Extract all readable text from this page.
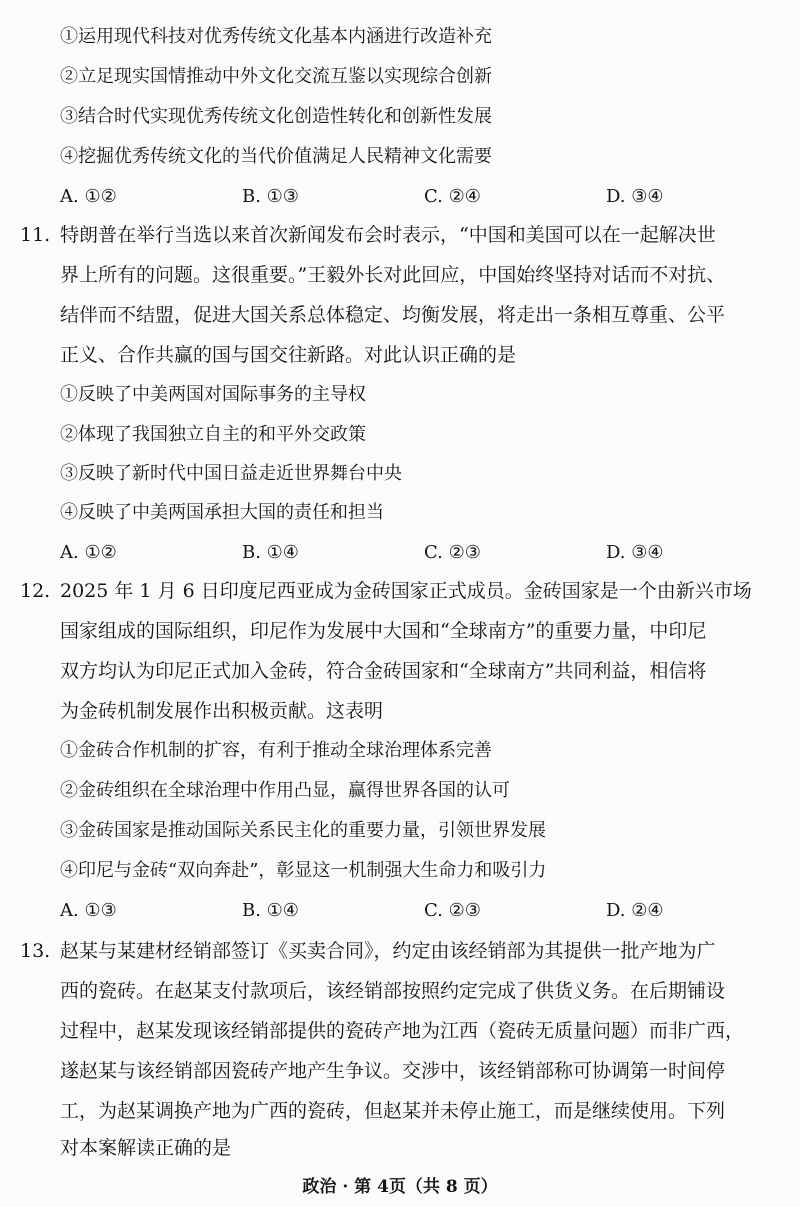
①运用现代科技对优秀传统文化基本内涵进行改造补充
②立足现实国情推动中外文化交流互鉴以实现综合创新
③结合时代实现优秀传统文化创造性转化和创新性发展
④挖掘优秀传统文化的当代价值满足人民精神文化需要
A. ①②	B. ①③	C. ②④	D. ③④
11. 特朗普在举行当选以来首次新闻发布会时表示，“中国和美国可以在一起解决世
界上所有的问题。这很重要。”王毅外长对此回应，中国始终坚持对话而不对抗、
结伴而不结盟，促进大国关系总体稳定、均衡发展，将走出一条相互尊重、公平
正义、合作共赢的国与国交往新路。对此认识正确的是
①反映了中美两国对国际事务的主导权
②体现了我国独立自主的和平外交政策
③反映了新时代中国日益走近世界舞台中央
④反映了中美两国承担大国的责任和担当
A. ①②	B. ①④	C. ②③	D. ③④
12. 2025 年 1 月 6 日印度尼西亚成为金砖国家正式成员。金砖国家是一个由新兴市场
国家组成的国际组织，印尼作为发展中大国和“全球南方”的重要力量，中印尼
双方均认为印尼正式加入金砖，符合金砖国家和“全球南方”共同利益，相信将
为金砖机制发展作出积极贡献。这表明
①金砖合作机制的扩容，有利于推动全球治理体系完善
②金砖组织在全球治理中作用凸显，赢得世界各国的认可
③金砖国家是推动国际关系民主化的重要力量，引领世界发展
④印尼与金砖“双向奔赴”，彰显这一机制强大生命力和吸引力
A. ①③	B. ①④	C. ②③	D. ②④
13. 赵某与某建材经销部签订《买卖合同》，约定由该经销部为其提供一批产地为广
西的瓷砖。在赵某支付款项后，该经销部按照约定完成了供货义务。在后期铺设
过程中，赵某发现该经销部提供的瓷砖产地为江西（瓷砖无质量问题）而非广西，
遂赵某与该经销部因瓷砖产地产生争议。交涉中，该经销部称可协调第一时间停
工，为赵某调换产地为广西的瓷砖，但赵某并未停止施工，而是继续使用。下列
对本案解读正确的是
政治 · 第 4页（共 8 页）
